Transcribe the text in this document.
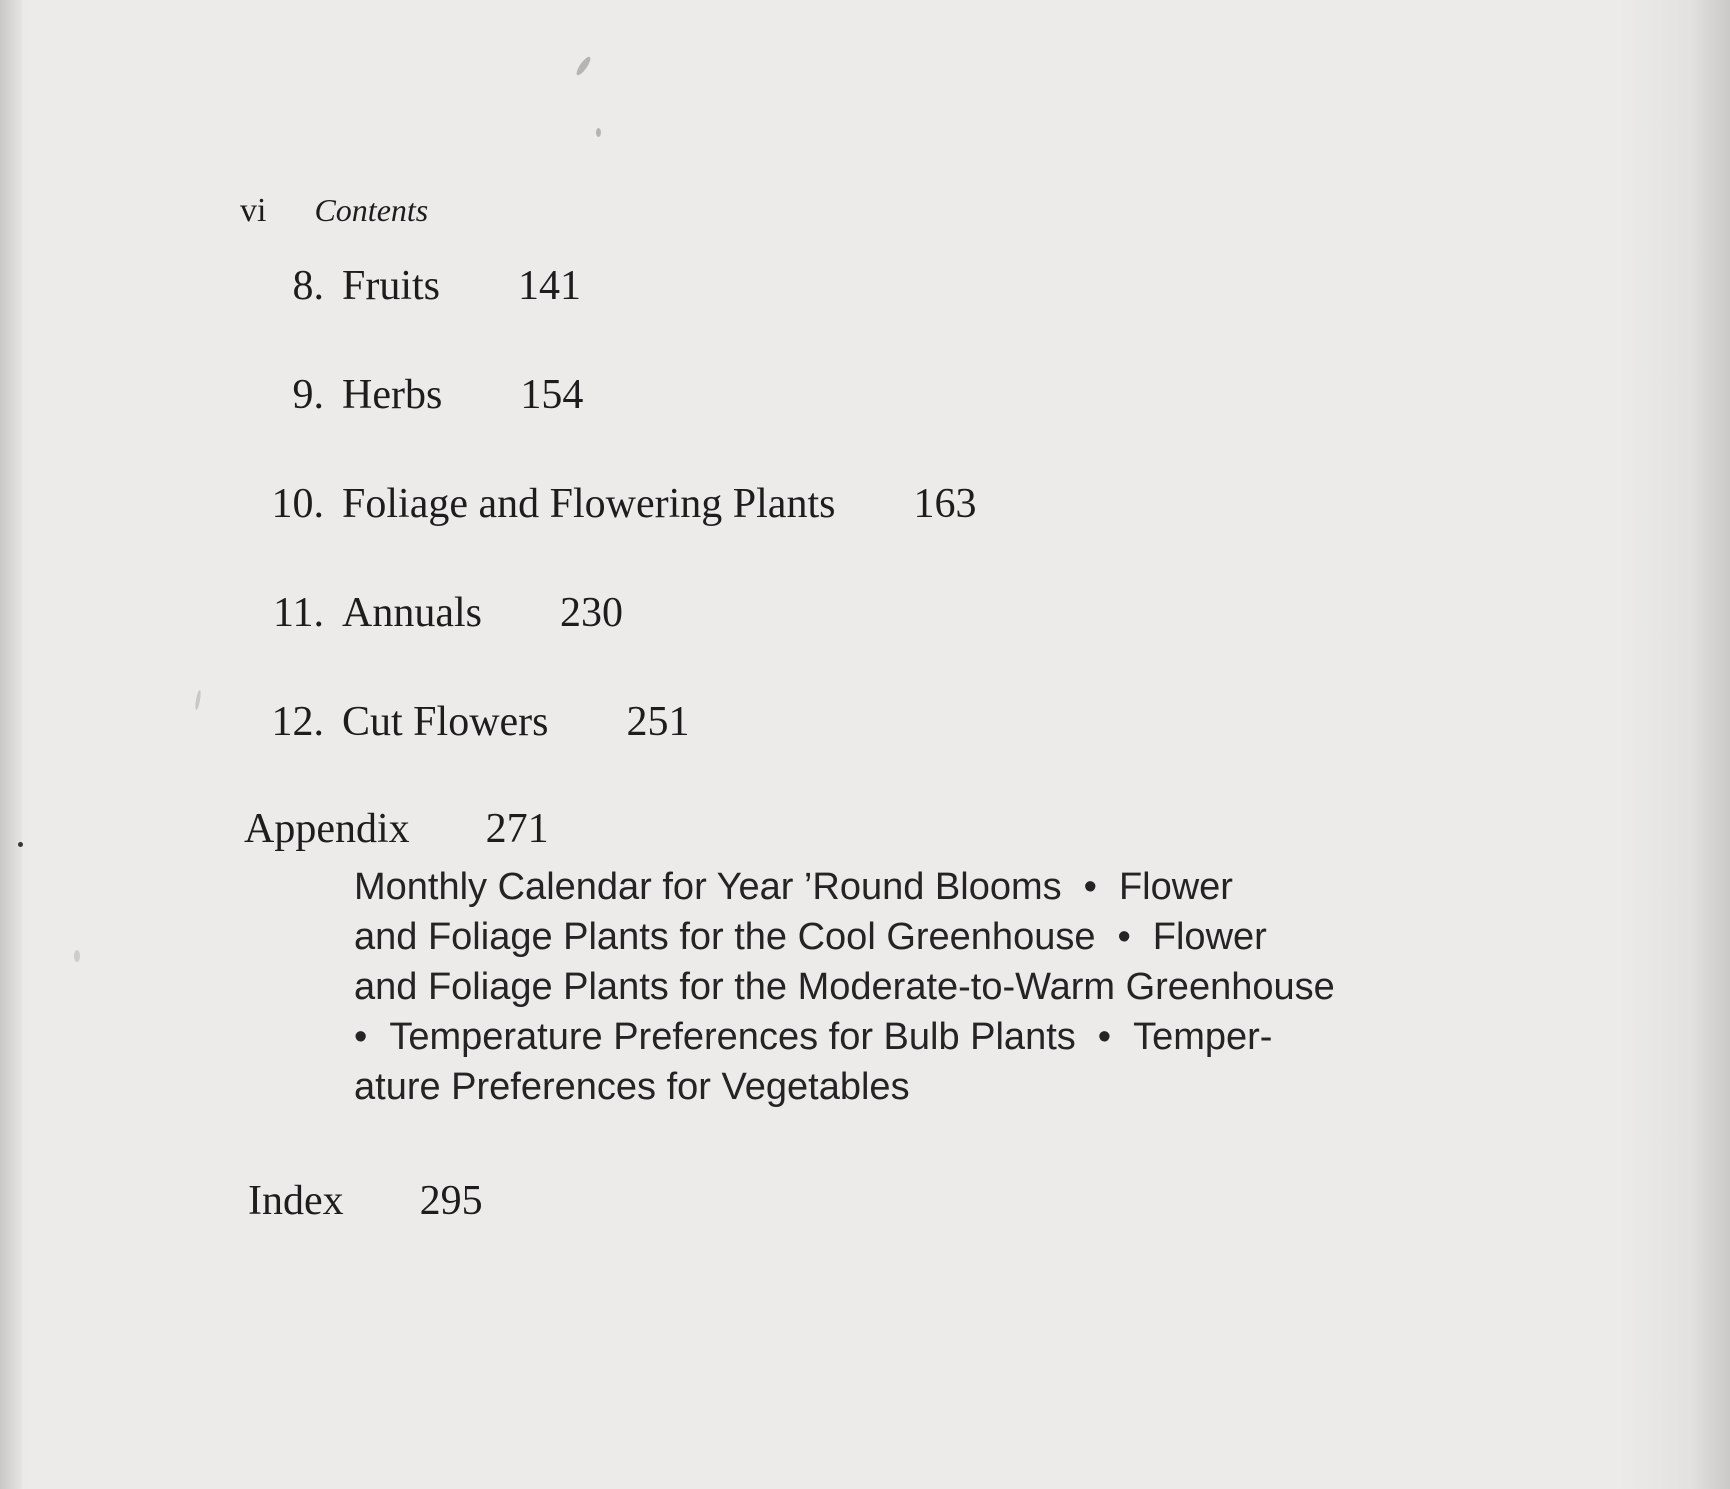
vi Contents
8. Fruits 141
9. Herbs 154
10. Foliage and Flowering Plants 163
11. Annuals 230
12. Cut Flowers 251
Appendix 271
Monthly Calendar for Year ’Round Blooms • Flower
and Foliage Plants for the Cool Greenhouse • Flower
and Foliage Plants for the Moderate-to-Warm Greenhouse
• Temperature Preferences for Bulb Plants • Temper-
ature Preferences for Vegetables
Index 295
